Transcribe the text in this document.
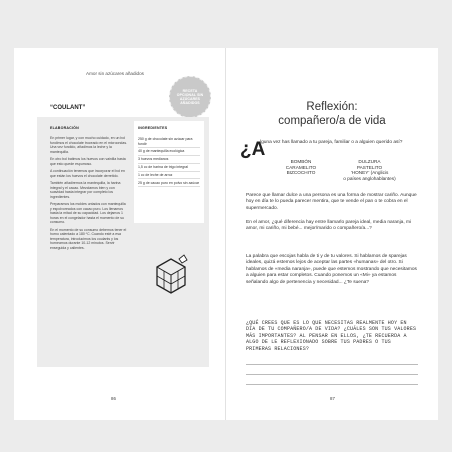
Amor sin azúcares añadidos
RECETA
OPCIONAL SIN
AZÚCARES
AÑADIDOS
“COULANT”
ELABORACIÓN

En primer lugar, y con mucho cuidado, en un bol fundimos el chocolate troceado en el microondas. Una vez fundido, añadimos la leche y la mantequilla.

En otro bol batimos los huevos con vainilla hasta que esto quede espumoso.

A continuación tenemos que incorporar el bol en que están los huevos el chocolate derretido.

También añadiremos la mantequilla, la harina integral y el cacao. Mezclamos bien y con suavidad hasta integrar por completo los ingredientes.

Preparamos los moldes untados con mantequilla y espolvoreados con cacao puro. Los llenamos hasta la mitad de su capacidad. Los dejamos 1 horas en el congelador hasta el momento de su consumo.

En el momento de su consumo debemos tener el horno calentado a 180 ºC. Cuando esté a esa temperatura, introducimos los coulants y los horneamos durante 10-12 minutos. Servir enseguida y calientes.

INGREDIENTES
250 g de chocolate sin azúcar para fundir
40 g de mantequilla ecológica
3 huevos medianos
1,5 cc de harina de trigo integral
1 cc de leche de arroz
25 g de cacao puro en polvo sin azúcar
86
Reflexión:
compañero/a de vida
¿A
lguna vez has llamado a tu pareja, familiar o a alguien querido así?
BOMBÓN
CARAMELITO
BIZCOCHITO
DULZURA
PASTELITO
‘HONEY’ (Anglicis
o países anglohablantes)
Parece que llamar dulce a una persona es una forma de mostrar cariño. Aunque hoy en día te lo pueda parecer mentira, que te vende el pan o te cobra en el supermercado.
En el amor, ¿qué diferencia hay entre llamarlo pareja ideal, media naranja, mi amor, mi cariño, mi bebé... mejor/marido o compañero/a...?
La palabra que escojas habla de ti y de tu valores. Si hablamos de sparejas ideales, quizá estemos lejos de aceptar las partes «humanas» del otro. Si hablamos de «media naranja», puede que estemos mostrando que necesitamos a alguien para estar completos. Cuando ponemos un «Mi» ya estamos señalando algo de pertenencia y necesidad... ¿Te suena?
¿QUÉ CREES QUE ES LO QUE NECESITAS REALMENTE HOY EN DÍA DE TU COMPAÑERO/A DE VIDA? ¿CUÁLES SON TUS VALORES MÁS IMPORTANTES? AL PENSAR EN ELLOS, ¿TE RECUERDA A ALGO DE LE REFLEXIONADO SOBRE TUS PADRES O TUS PRIMERAS RELACIONES?
87
